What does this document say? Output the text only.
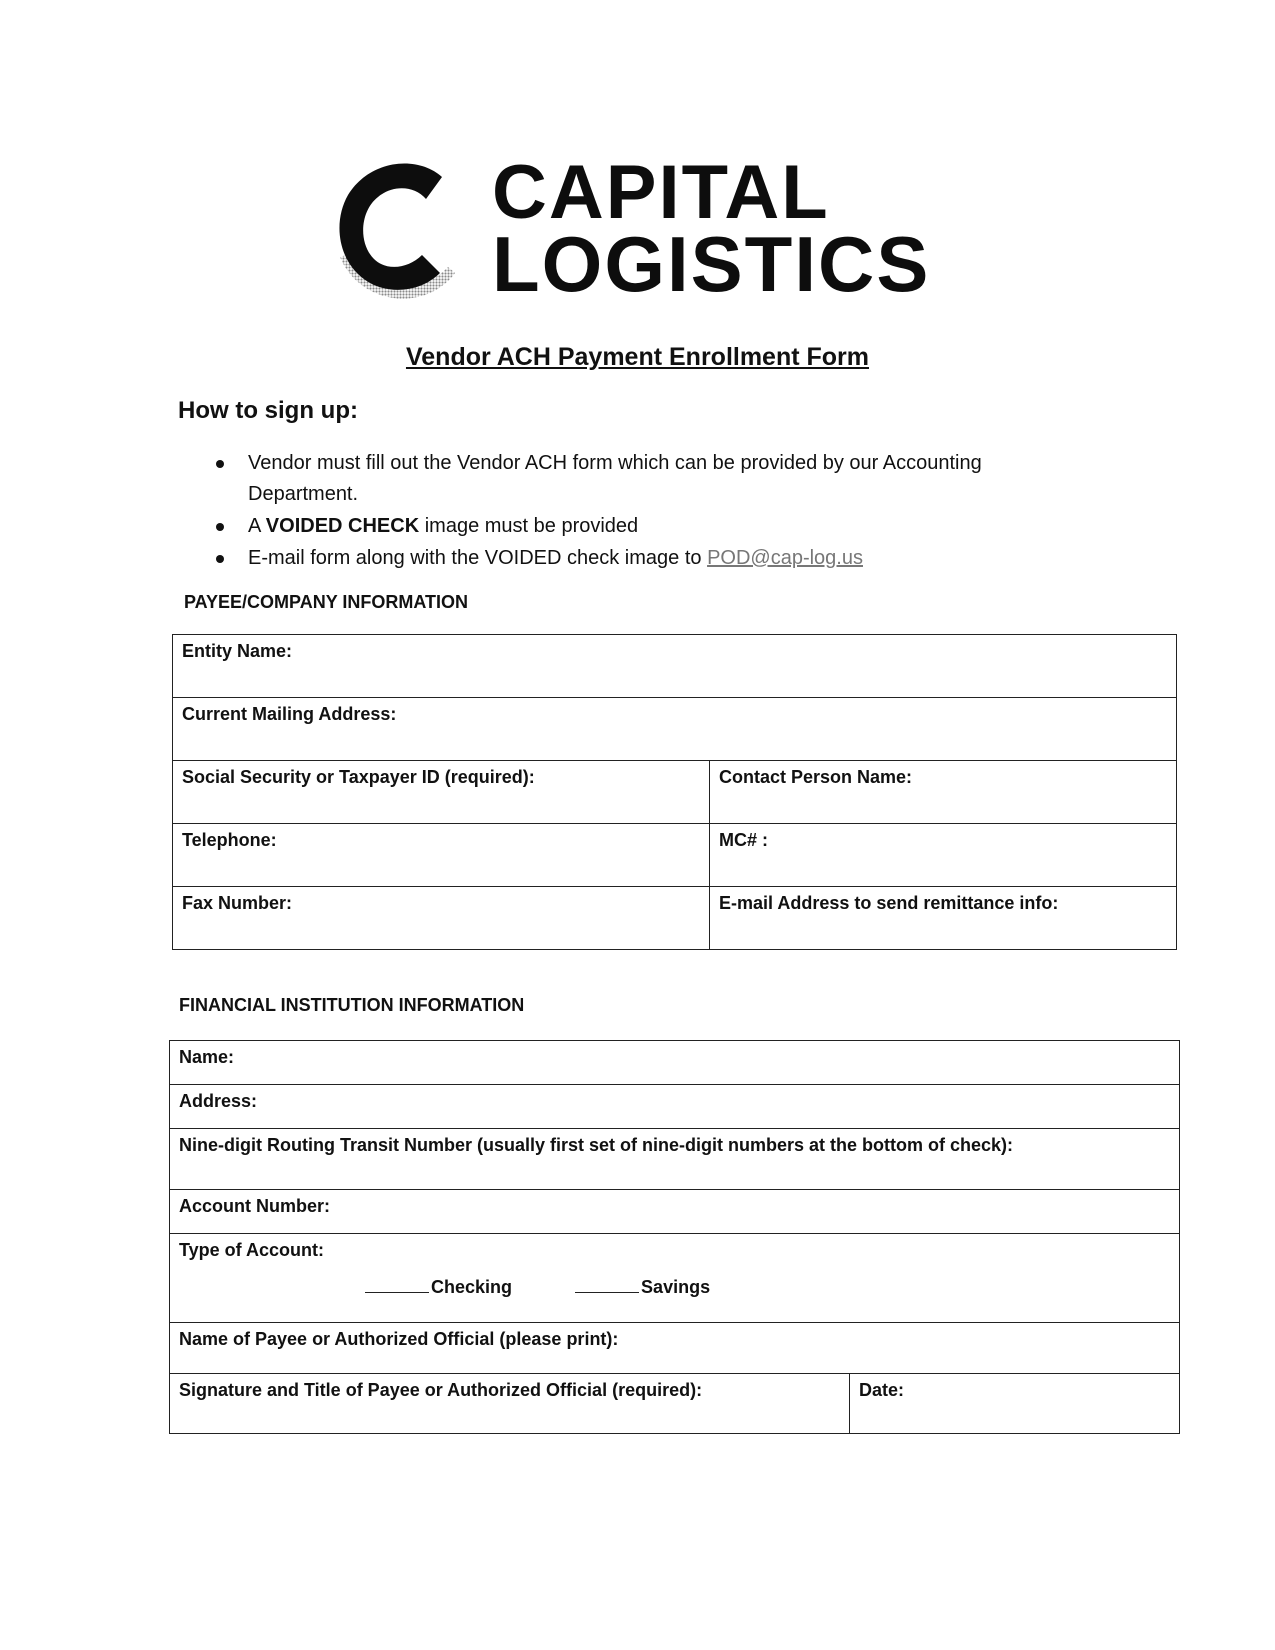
CAPITAL
LOGISTICS
Vendor ACH Payment Enrollment Form
How to sign up:
Vendor must fill out the Vendor ACH form which can be provided by our Accounting Department.
A VOIDED CHECK image must be provided
E-mail form along with the VOIDED check image to POD@cap-log.us
PAYEE/COMPANY INFORMATION
Entity Name:	
Current Mailing Address:	
Social Security or Taxpayer ID (required):	Contact Person Name:
Telephone:	MC# :
Fax Number:	E-mail Address to send remittance info:
FINANCIAL INSTITUTION INFORMATION
Name:
Address:
Nine-digit Routing Transit Number (usually first set of nine-digit numbers at the bottom of check):
Account Number:

Type of Account:
Checking	Savings

Name of Payee or Authorized Official (please print):
Signature and Title of Payee or Authorized Official (required):	Date:
